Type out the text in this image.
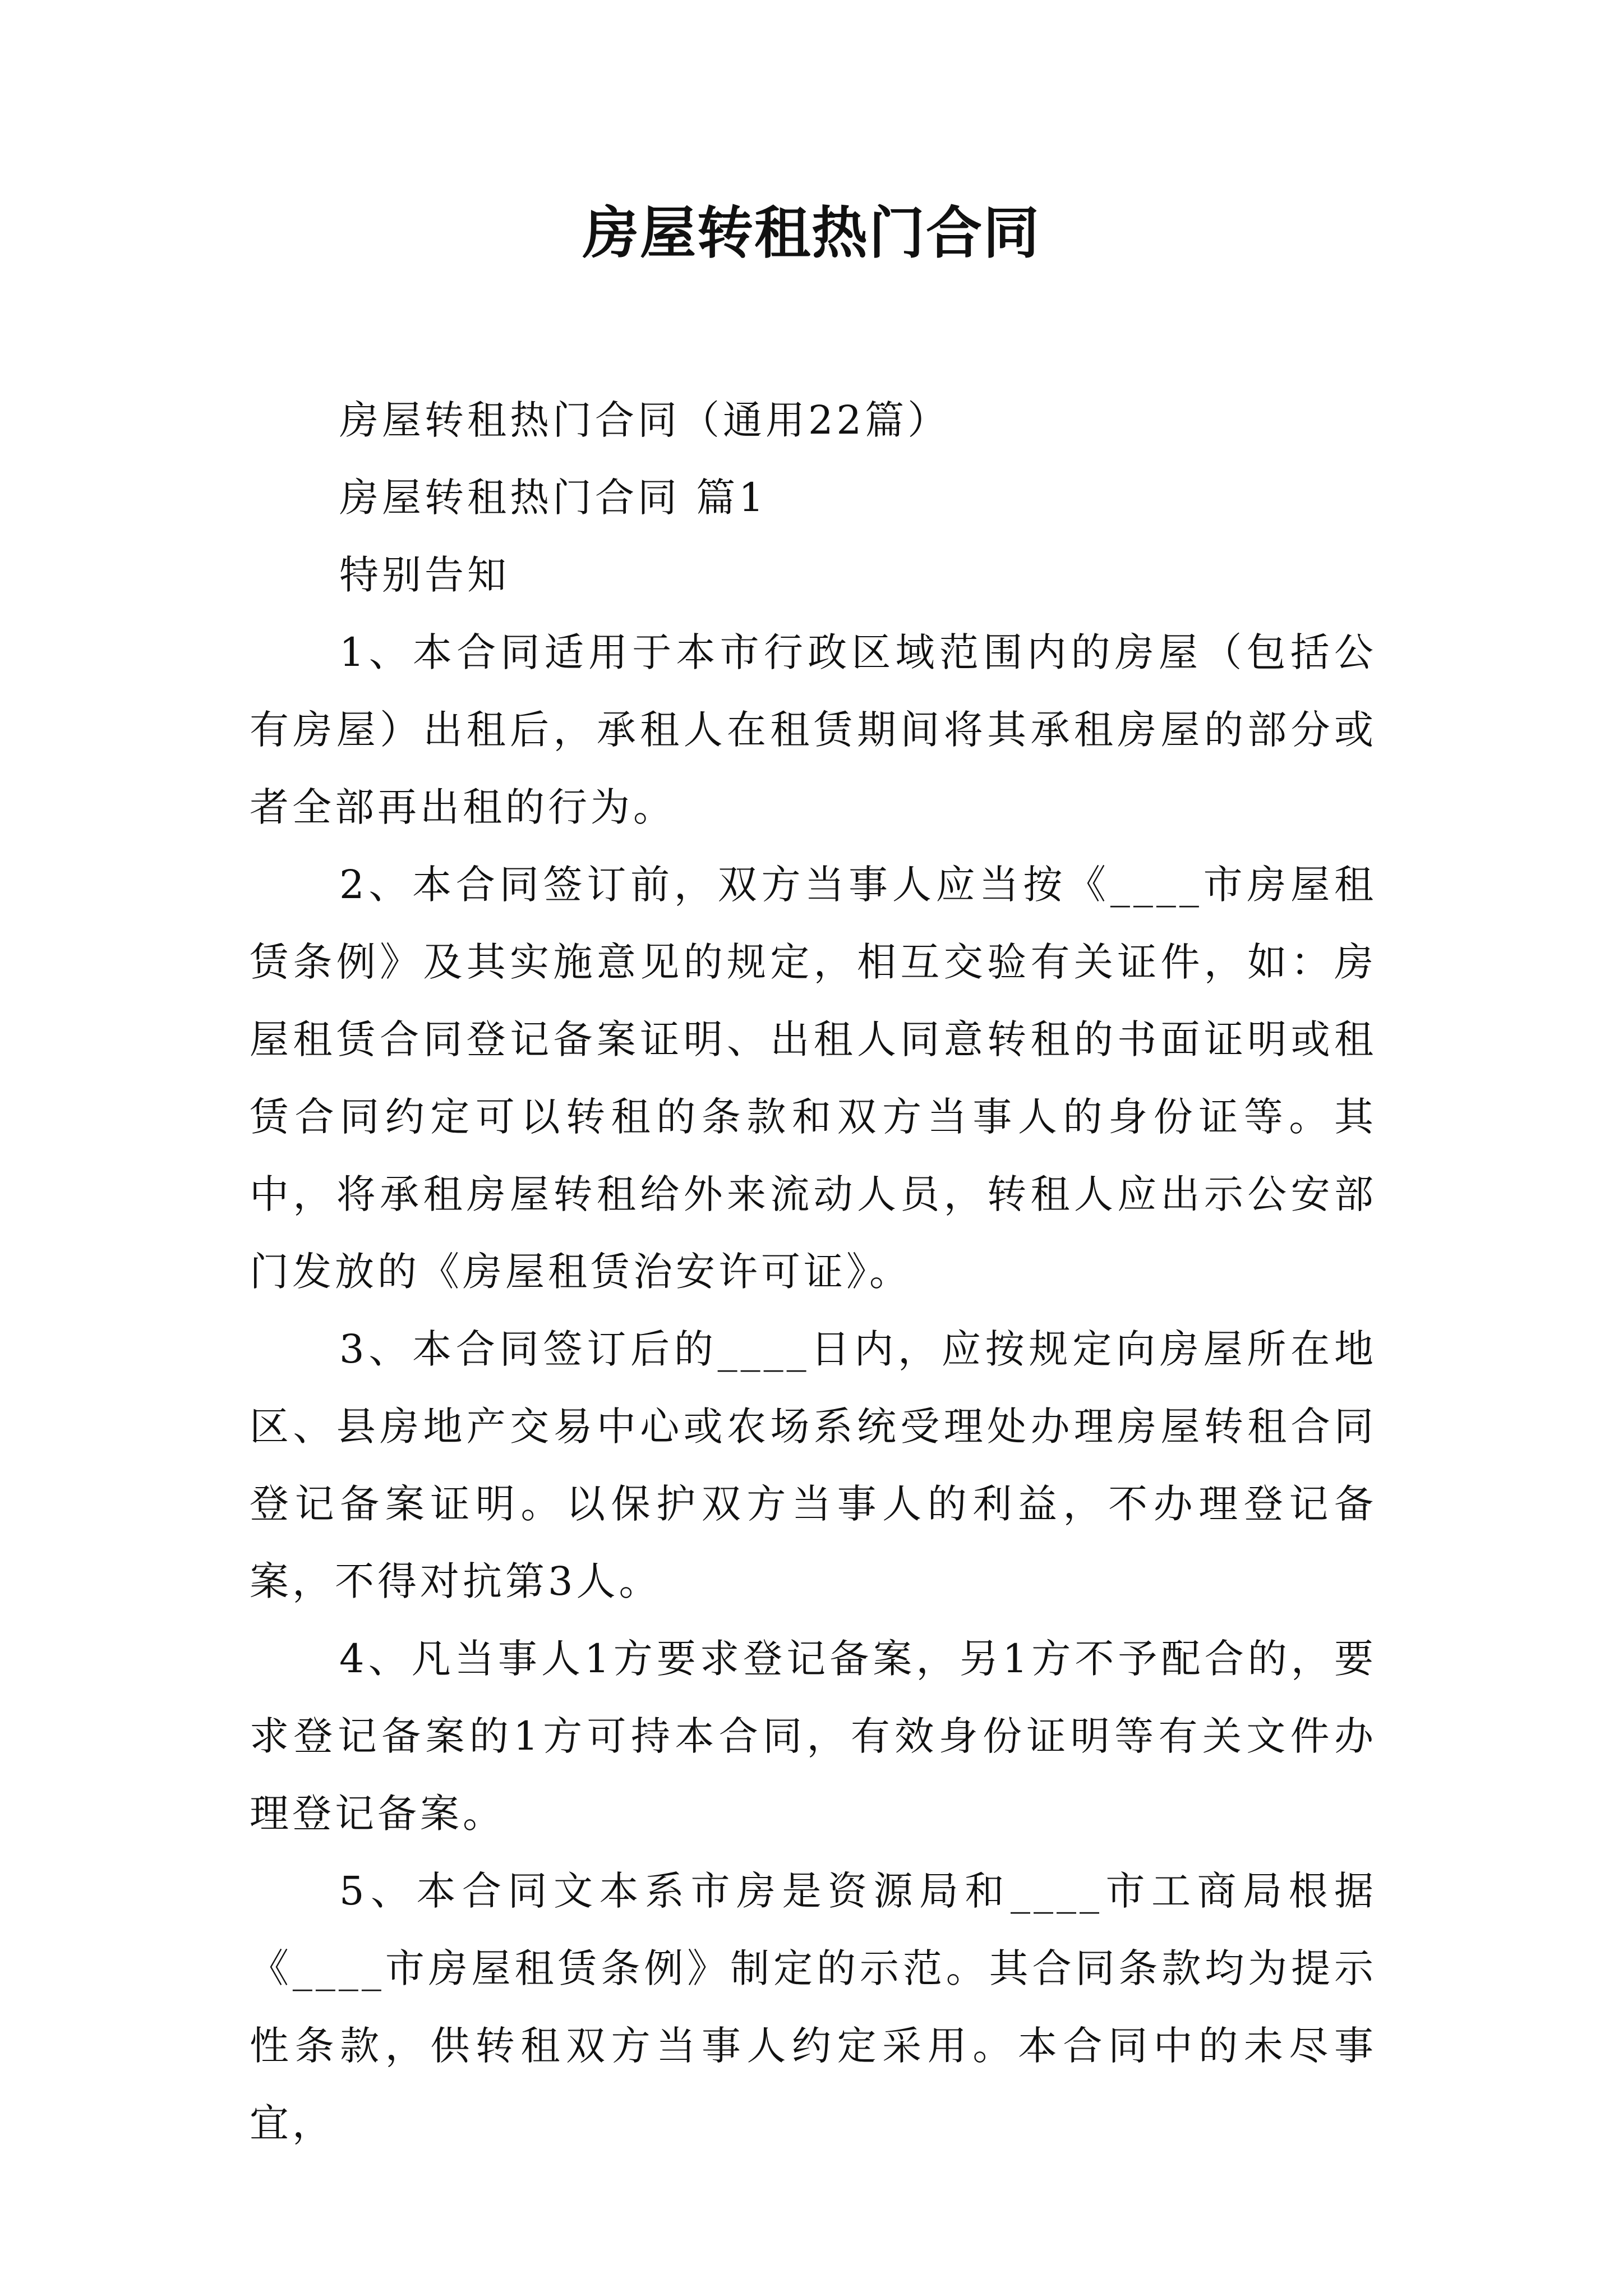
房屋转租热门合同

房屋转租热门合同（通用22篇）

房屋转租热门合同 篇1

特别告知

1、本合同适用于本市行政区域范围内的房屋（包括公有房屋）出租后，承租人在租赁期间将其承租房屋的部分或者全部再出租的行为。

2、本合同签订前，双方当事人应当按《____市房屋租赁条例》及其实施意见的规定，相互交验有关证件，如：房屋租赁合同登记备案证明、出租人同意转租的书面证明或租赁合同约定可以转租的条款和双方当事人的身份证等。其中，将承租房屋转租给外来流动人员，转租人应出示公安部门发放的《房屋租赁治安许可证》。

3、本合同签订后的____日内，应按规定向房屋所在地区、县房地产交易中心或农场系统受理处办理房屋转租合同登记备案证明。以保护双方当事人的利益，不办理登记备案，不得对抗第3人。

4、凡当事人1方要求登记备案，另1方不予配合的，要求登记备案的1方可持本合同，有效身份证明等有关文件办理登记备案。

5、本合同文本系市房是资源局和____市工商局根据《____市房屋租赁条例》制定的示范。其合同条款均为提示性条款，供转租双方当事人约定采用。本合同中的未尽事宜，
